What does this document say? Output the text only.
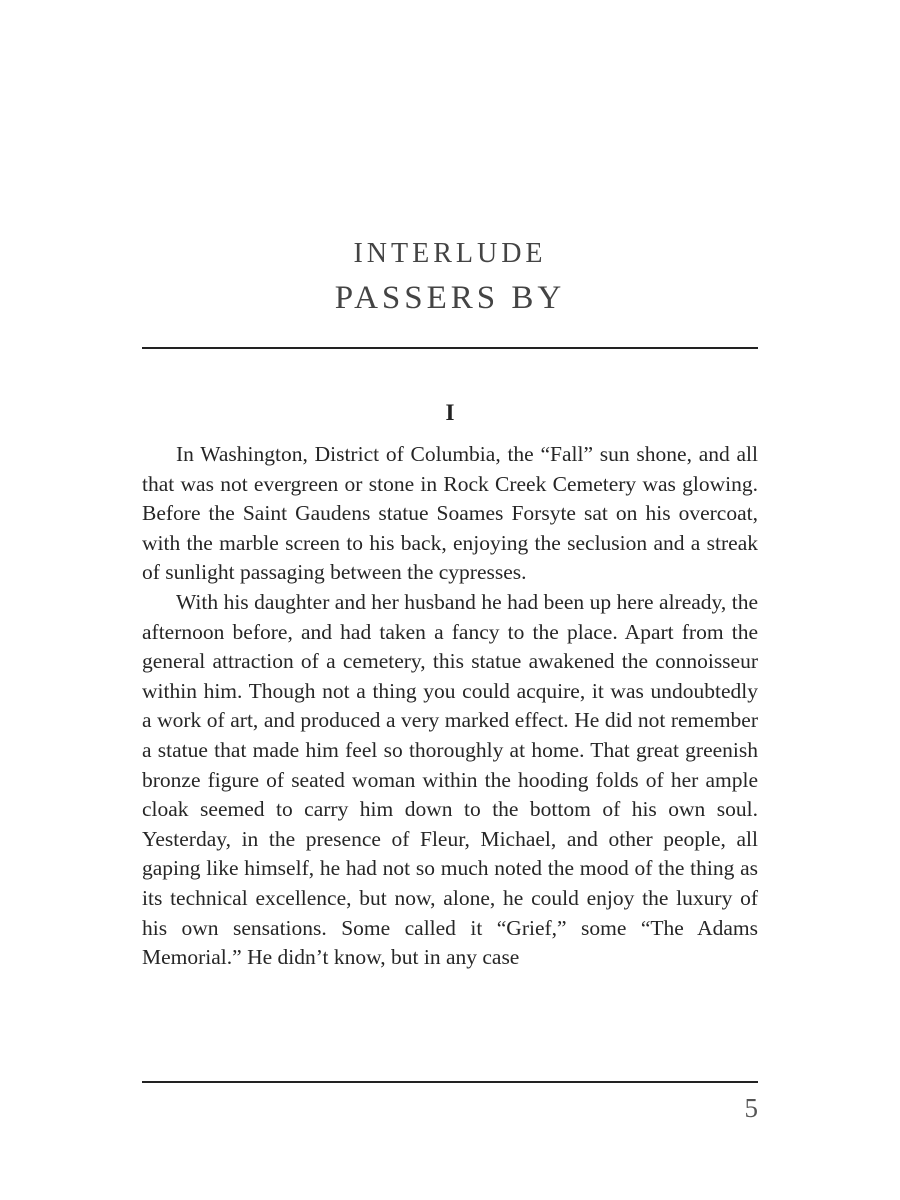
INTERLUDE
PASSERS BY
I

In Washington, District of Columbia, the “Fall” sun shone, and all that was not evergreen or stone in Rock Creek Cemetery was glowing. Before the Saint Gaudens statue Soames Forsyte sat on his overcoat, with the marble screen to his back, enjoying the seclusion and a streak of sunlight passaging between the cypresses.

With his daughter and her husband he had been up here already, the afternoon before, and had taken a fancy to the place. Apart from the general attraction of a cemetery, this statue awakened the connoisseur within him. Though not a thing you could acquire, it was undoubtedly a work of art, and produced a very marked effect. He did not remember a statue that made him feel so thoroughly at home. That great greenish bronze figure of seated woman within the hooding folds of her ample cloak seemed to carry him down to the bottom of his own soul. Yesterday, in the presence of Fleur, Michael, and other people, all gaping like himself, he had not so much noted the mood of the thing as its technical excellence, but now, alone, he could enjoy the luxury of his own sensations. Some called it “Grief,” some “The Adams Memorial.” He didn’t know, but in any case

5
